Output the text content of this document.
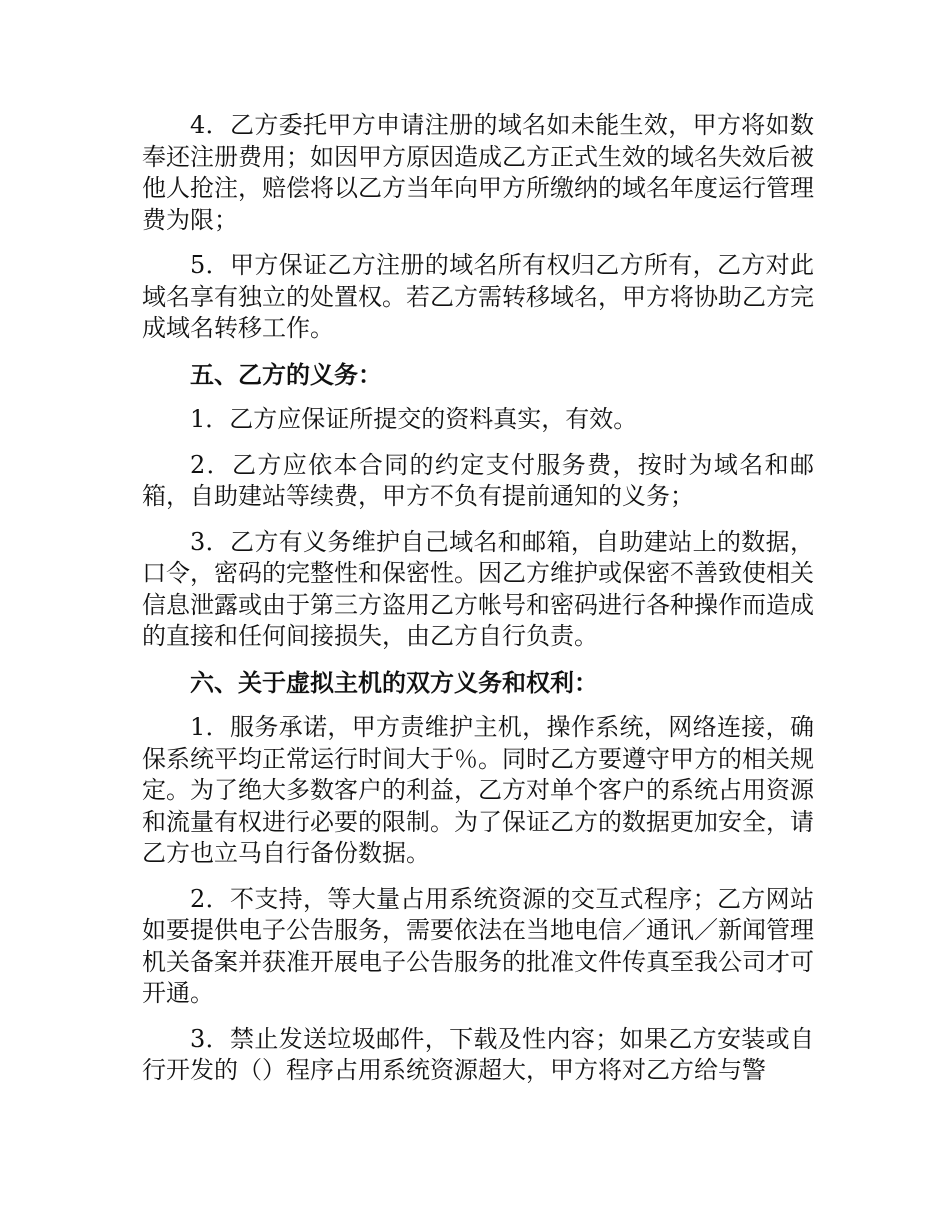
4．乙方委托甲方申请注册的域名如未能生效，甲方将如数奉还注册费用；如因甲方原因造成乙方正式生效的域名失效后被他人抢注，赔偿将以乙方当年向甲方所缴纳的域名年度运行管理费为限；

5．甲方保证乙方注册的域名所有权归乙方所有，乙方对此域名享有独立的处置权。若乙方需转移域名，甲方将协助乙方完成域名转移工作。

五、乙方的义务：

1．乙方应保证所提交的资料真实，有效。

2．乙方应依本合同的约定支付服务费，按时为域名和邮箱，自助建站等续费，甲方不负有提前通知的义务；

3．乙方有义务维护自己域名和邮箱，自助建站上的数据，口令，密码的完整性和保密性。因乙方维护或保密不善致使相关信息泄露或由于第三方盗用乙方帐号和密码进行各种操作而造成的直接和任何间接损失，由乙方自行负责。

六、关于虚拟主机的双方义务和权利：

1．服务承诺，甲方责维护主机，操作系统，网络连接，确保系统平均正常运行时间大于％。同时乙方要遵守甲方的相关规定。为了绝大多数客户的利益，乙方对单个客户的系统占用资源和流量有权进行必要的限制。为了保证乙方的数据更加安全，请乙方也立马自行备份数据。

2．不支持，等大量占用系统资源的交互式程序；乙方网站如要提供电子公告服务，需要依法在当地电信／通讯／新闻管理机关备案并获准开展电子公告服务的批准文件传真至我公司才可开通。

3．禁止发送垃圾邮件，下载及性内容；如果乙方安装或自行开发的（）程序占用系统资源超大，甲方将对乙方给与警
